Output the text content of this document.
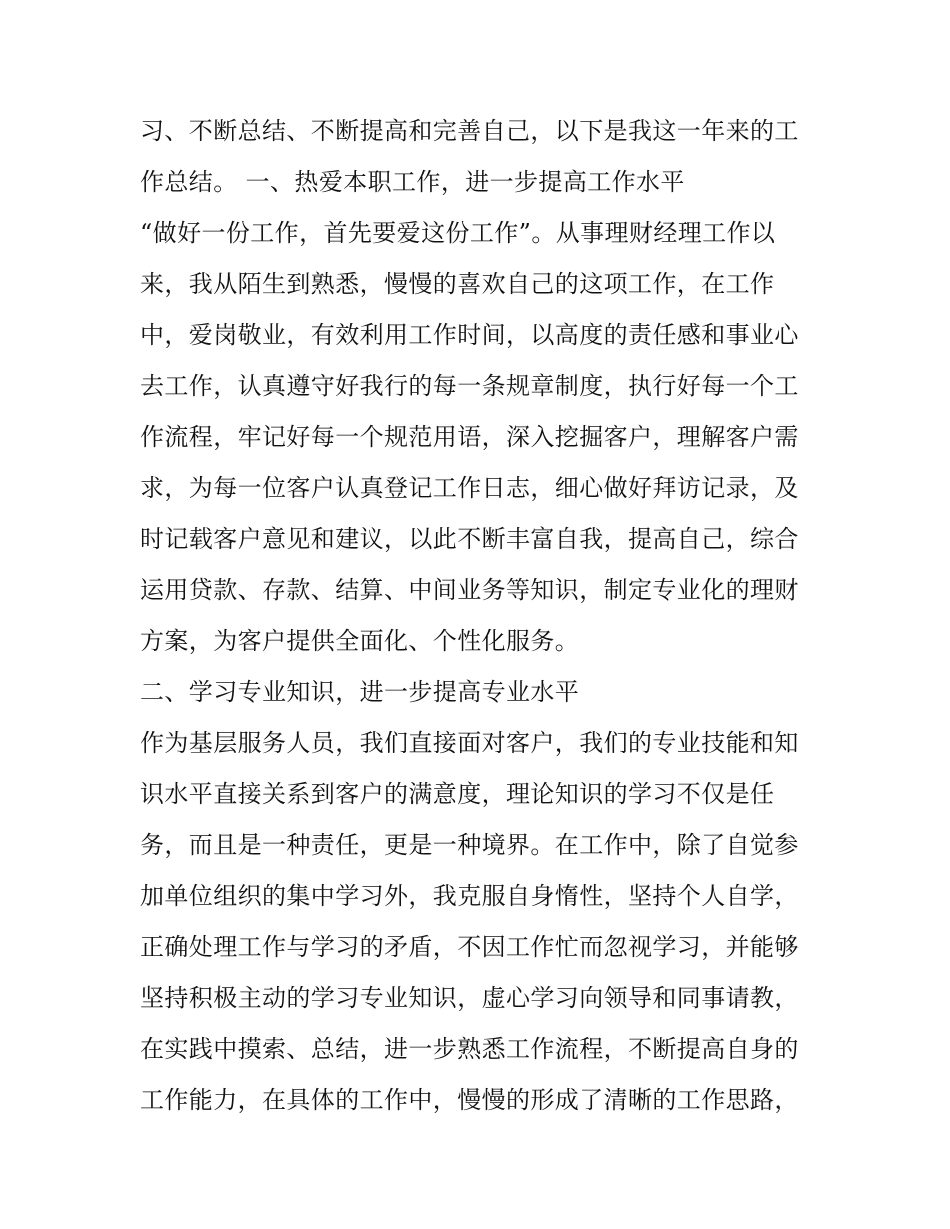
习、不断总结、不断提高和完善自己，以下是我这一年来的工
作总结。 一、热爱本职工作，进一步提高工作水平
“做好一份工作，首先要爱这份工作”。从事理财经理工作以
来，我从陌生到熟悉，慢慢的喜欢自己的这项工作，在工作
中，爱岗敬业，有效利用工作时间，以高度的责任感和事业心
去工作，认真遵守好我行的每一条规章制度，执行好每一个工
作流程，牢记好每一个规范用语，深入挖掘客户，理解客户需
求，为每一位客户认真登记工作日志，细心做好拜访记录，及
时记载客户意见和建议，以此不断丰富自我，提高自己，综合
运用贷款、存款、结算、中间业务等知识，制定专业化的理财
方案，为客户提供全面化、个性化服务。
二、学习专业知识，进一步提高专业水平
作为基层服务人员，我们直接面对客户，我们的专业技能和知
识水平直接关系到客户的满意度，理论知识的学习不仅是任
务，而且是一种责任，更是一种境界。在工作中，除了自觉参
加单位组织的集中学习外，我克服自身惰性，坚持个人自学，
正确处理工作与学习的矛盾，不因工作忙而忽视学习，并能够
坚持积极主动的学习专业知识，虚心学习向领导和同事请教，
在实践中摸索、总结，进一步熟悉工作流程，不断提高自身的
工作能力，在具体的工作中，慢慢的形成了清晰的工作思路，
